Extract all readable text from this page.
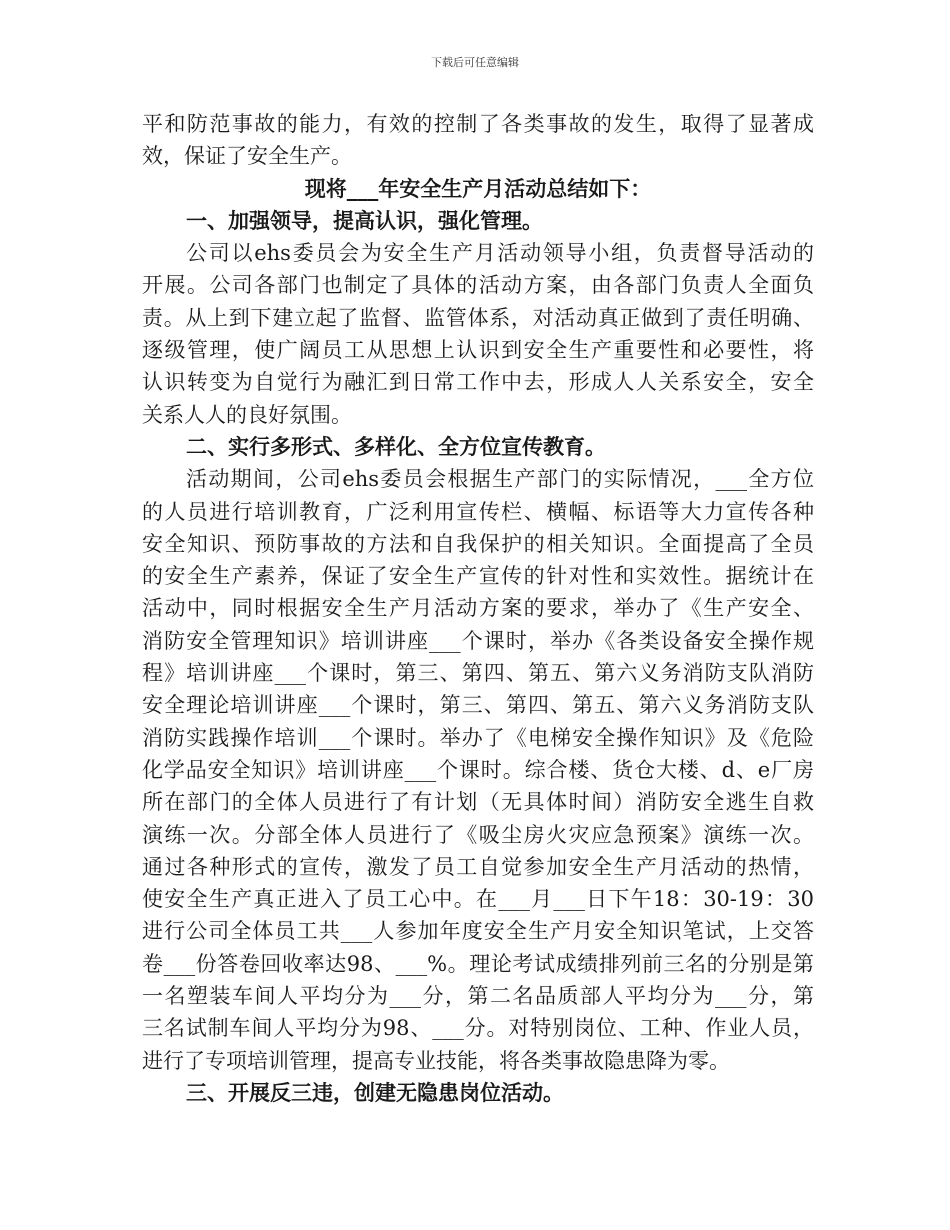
下载后可任意编辑
平和防范事故的能力，有效的控制了各类事故的发生，取得了显著成
效，保证了安全生产。
现将___年安全生产月活动总结如下：
一、加强领导，提高认识，强化管理。
公司以ehs委员会为安全生产月活动领导小组，负责督导活动的
开展。公司各部门也制定了具体的活动方案，由各部门负责人全面负
责。从上到下建立起了监督、监管体系，对活动真正做到了责任明确、
逐级管理，使广阔员工从思想上认识到安全生产重要性和必要性，将
认识转变为自觉行为融汇到日常工作中去，形成人人关系安全，安全
关系人人的良好氛围。
二、实行多形式、多样化、全方位宣传教育。
活动期间，公司ehs委员会根据生产部门的实际情况，___全方位
的人员进行培训教育，广泛利用宣传栏、横幅、标语等大力宣传各种
安全知识、预防事故的方法和自我保护的相关知识。全面提高了全员
的安全生产素养，保证了安全生产宣传的针对性和实效性。据统计在
活动中，同时根据安全生产月活动方案的要求，举办了《生产安全、
消防安全管理知识》培训讲座___个课时，举办《各类设备安全操作规
程》培训讲座___个课时，第三、第四、第五、第六义务消防支队消防
安全理论培训讲座___个课时，第三、第四、第五、第六义务消防支队
消防实践操作培训___个课时。举办了《电梯安全操作知识》及《危险
化学品安全知识》培训讲座___个课时。综合楼、货仓大楼、d、e厂房
所在部门的全体人员进行了有计划（无具体时间）消防安全逃生自救
演练一次。分部全体人员进行了《吸尘房火灾应急预案》演练一次。
通过各种形式的宣传，激发了员工自觉参加安全生产月活动的热情，
使安全生产真正进入了员工心中。在___月___日下午18：30-19：30
进行公司全体员工共___人参加年度安全生产月安全知识笔试，上交答
卷___份答卷回收率达98、___%。理论考试成绩排列前三名的分别是第
一名塑装车间人平均分为___分，第二名品质部人平均分为___分，第
三名试制车间人平均分为98、___分。对特别岗位、工种、作业人员，
进行了专项培训管理，提高专业技能，将各类事故隐患降为零。
三、开展反三违，创建无隐患岗位活动。
